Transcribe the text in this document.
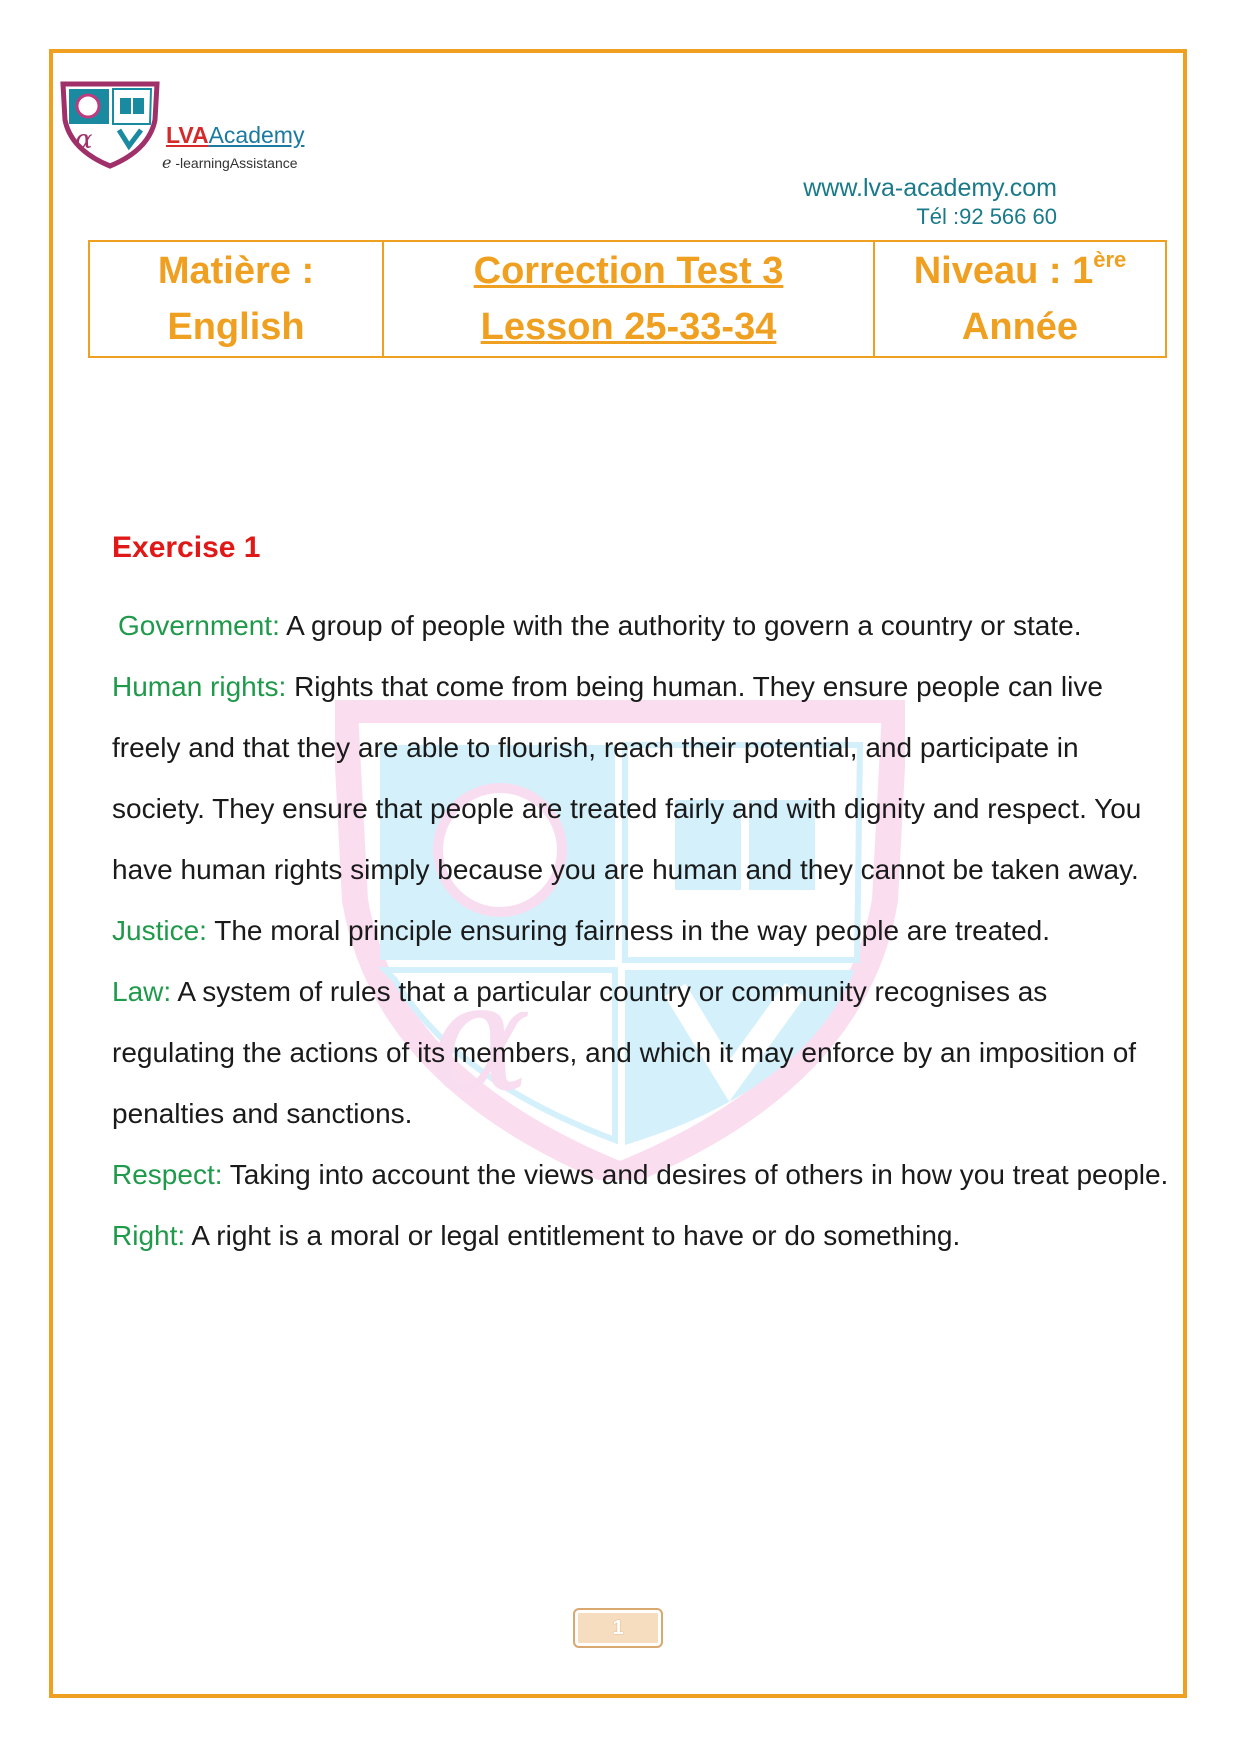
α	LVAAcademy
e -learningAssistance
www.lva-academy.com
Tél :92 566 60
Matière :
English

Correction Test 3
Lesson 25-33-34

Niveau : 1ère
Année
α

Exercise 1

Government: A group of people with the authority to govern a country or state.

Human rights: Rights that come from being human. They ensure people can live freely and that they are able to flourish, reach their potential, and participate in society. They ensure that people are treated fairly and with dignity and respect. You have human rights simply because you are human and they cannot be taken away.

Justice: The moral principle ensuring fairness in the way people are treated.

Law: A system of rules that a particular country or community recognises as regulating the actions of its members, and which it may enforce by an imposition of penalties and sanctions.

Respect: Taking into account the views and desires of others in how you treat people.

Right: A right is a moral or legal entitlement to have or do something.

1
